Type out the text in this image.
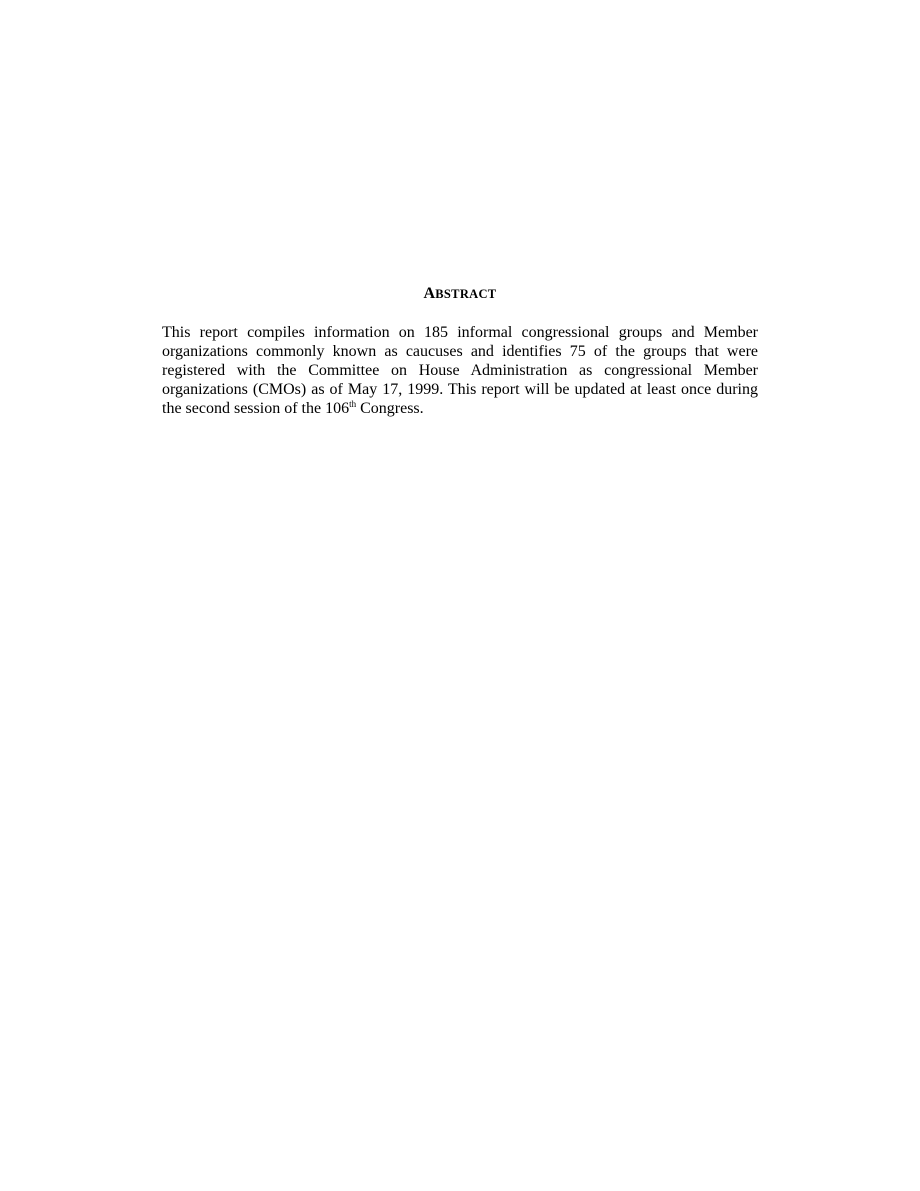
ABSTRACT

This report compiles information on 185 informal congressional groups and Member organizations commonly known as caucuses and identifies 75 of the groups that were registered with the Committee on House Administration as congressional Member organizations (CMOs) as of May 17, 1999. This report will be updated at least once during the second session of the 106th Congress.
